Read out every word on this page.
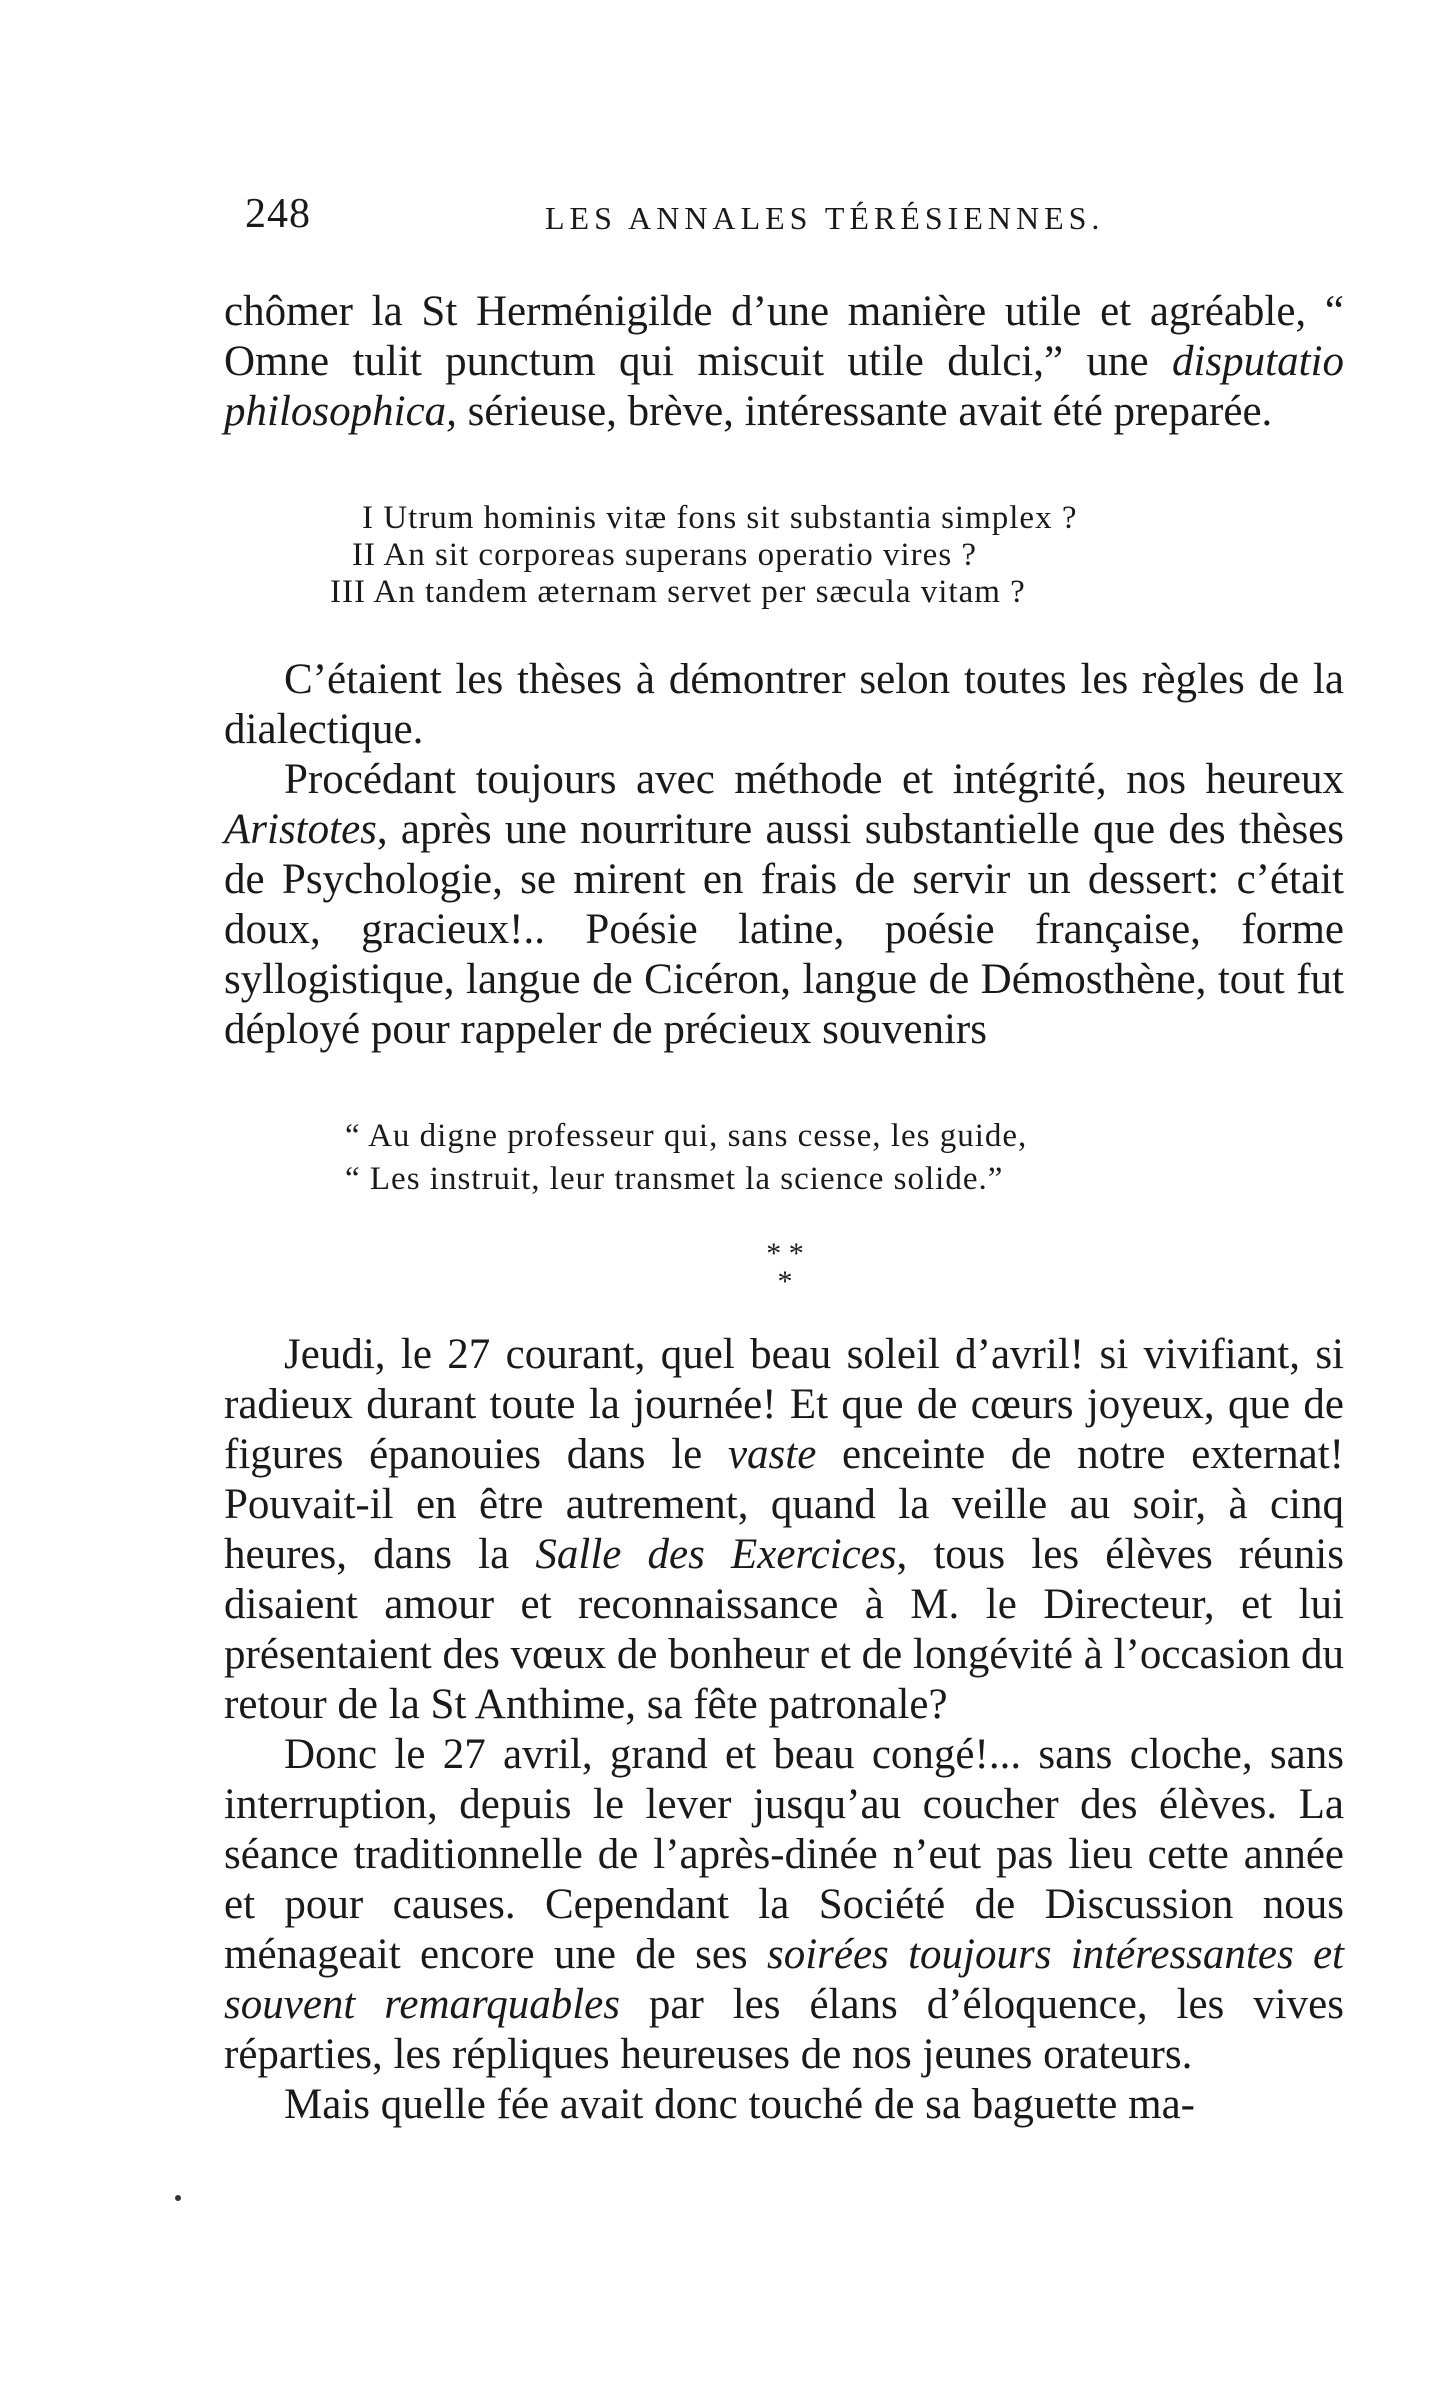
248	LES ANNALES TÉRÉSIENNES.

chômer la St Herménigilde d’une manière utile et agréable, “ Omne tulit punctum qui miscuit utile dulci,” une disputatio philosophica, sérieuse, brève, intéressante avait été preparée.

I Utrum hominis vitæ fons sit substantia simplex ?
II An sit corporeas superans operatio vires ?
III An tandem æternam servet per sæcula vitam ?

C’étaient les thèses à démontrer selon toutes les règles de la dialectique.

Procédant toujours avec méthode et intégrité, nos heureux Aristotes, après une nourriture aussi substantielle que des thèses de Psychologie, se mirent en frais de servir un dessert: c’était doux, gracieux!.. Poésie latine, poésie française, forme syllogistique, langue de Cicéron, langue de Démosthène, tout fut déployé pour rappeler de précieux souvenirs

“ Au digne professeur qui, sans cesse, les guide,
“ Les instruit, leur transmet la science solide.”
* *
*

Jeudi, le 27 courant, quel beau soleil d’avril! si vivifiant, si radieux durant toute la journée! Et que de cœurs joyeux, que de figures épanouies dans le vaste enceinte de notre externat! Pouvait-il en être autrement, quand la veille au soir, à cinq heures, dans la Salle des Exercices, tous les élèves réunis disaient amour et reconnaissance à M. le Directeur, et lui présentaient des vœux de bonheur et de longévité à l’occasion du retour de la St Anthime, sa fête patronale?

Donc le 27 avril, grand et beau congé!... sans cloche, sans interruption, depuis le lever jusqu’au coucher des élèves. La séance traditionnelle de l’après-dinée n’eut pas lieu cette année et pour causes. Cependant la Société de Discussion nous ménageait encore une de ses soirées toujours intéressantes et souvent remarquables par les élans d’éloquence, les vives réparties, les répliques heureuses de nos jeunes orateurs.

Mais quelle fée avait donc touché de sa baguette ma-
